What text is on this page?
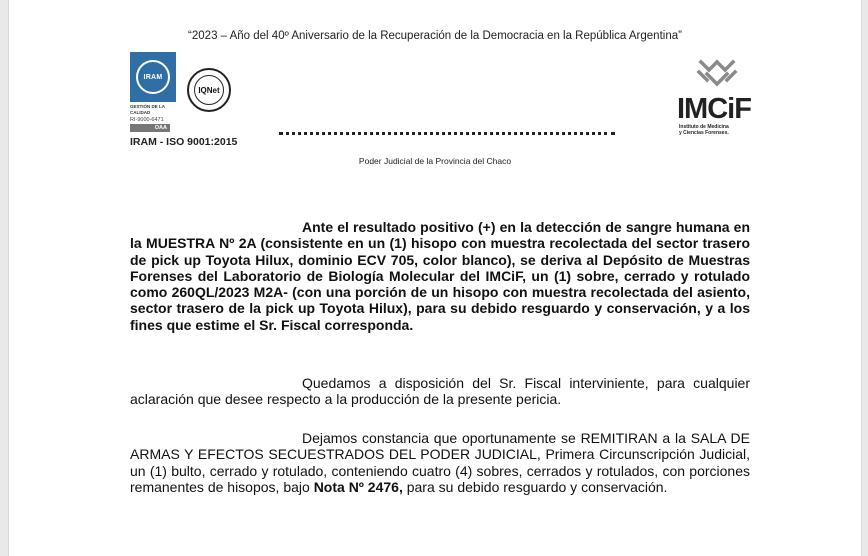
“2023 – Año del 40º Aniversario de la Recuperación de la Democracia en la República Argentina”
IRAM
GESTIÓN DE LA CALIDAD
RI-9000-6471
OAA
IRAM - ISO 9001:2015
IQNet
Poder Judicial de la Provincia del Chaco
IMCiF
Instituto de Medicina
y Ciencias Forenses.
Ante el resultado positivo (+) en la detección de sangre humana en la MUESTRA Nº 2A (consistente en un (1) hisopo con muestra recolectada del sector trasero de pick up Toyota Hilux, dominio ECV 705, color blanco), se deriva al Depósito de Muestras Forenses del Laboratorio de Biología Molecular del IMCiF, un (1) sobre, cerrado y rotulado como 260QL/2023 M2A- (con una porción de un hisopo con muestra recolectada del asiento, sector trasero de la pick up Toyota Hilux), para su debido resguardo y conservación, y a los fines que estime el Sr. Fiscal corresponda.
Quedamos a disposición del Sr. Fiscal interviniente, para cualquier aclaración que desee respecto a la producción de la presente pericia.
Dejamos constancia que oportunamente se REMITIRAN a la SALA DE ARMAS Y EFECTOS SECUESTRADOS DEL PODER JUDICIAL, Primera Circunscripción Judicial, un (1) bulto, cerrado y rotulado, conteniendo cuatro (4) sobres, cerrados y rotulados, con porciones remanentes de hisopos, bajo Nota Nº 2476, para su debido resguardo y conservación.
